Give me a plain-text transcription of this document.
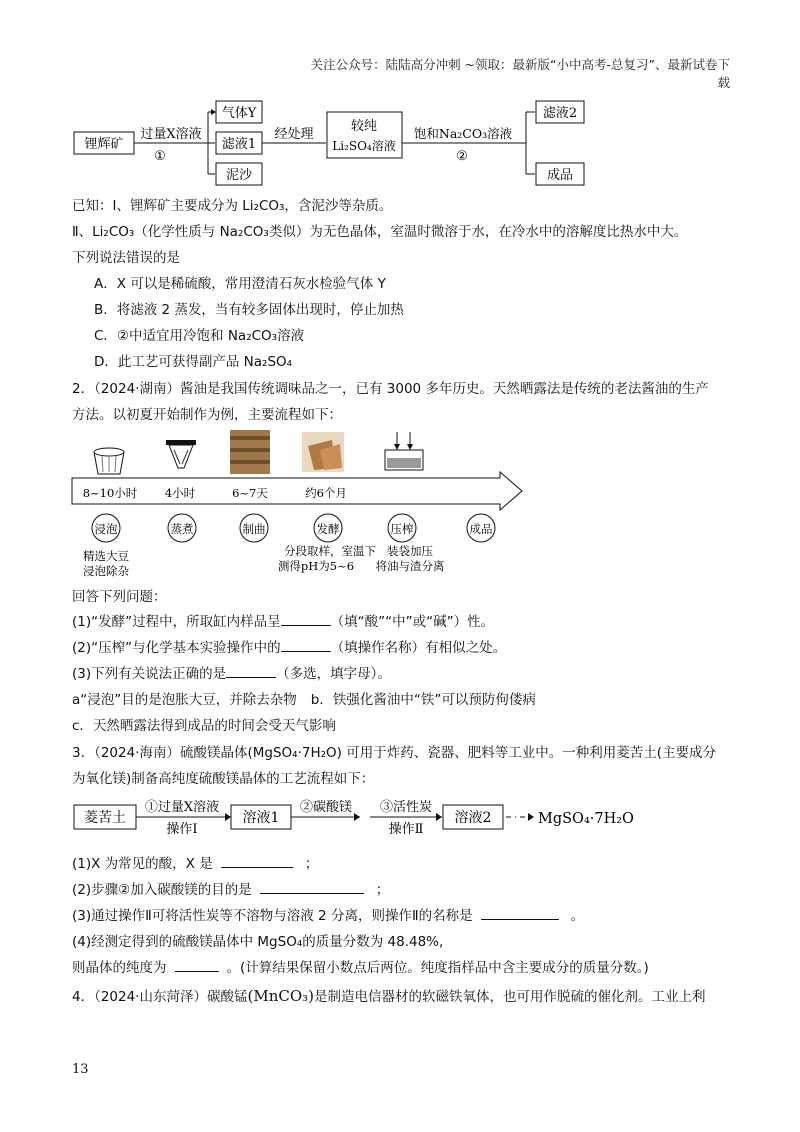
关注公众号：陆陆高分冲刺 ~领取：最新版“小中高考-总复习”、最新试卷下载
锂辉矿
过量X溶液
①
气体Y
滤液1
泥沙
经处理
较纯
Li₂SO₄溶液
饱和Na₂CO₃溶液
②
滤液2
成品
已知：Ⅰ、锂辉矿主要成分为 Li₂CO₃，含泥沙等杂质。
Ⅱ、Li₂CO₃（化学性质与 Na₂CO₃类似）为无色晶体，室温时微溶于水，在冷水中的溶解度比热水中大。
下列说法错误的是
A．X 可以是稀硫酸，常用澄清石灰水检验气体 Y
B．将滤液 2 蒸发，当有较多固体出现时，停止加热
C．②中适宜用冷饱和 Na₂CO₃溶液
D．此工艺可获得副产品 Na₂SO₄
2．（2024·湖南）酱油是我国传统调味品之一，已有 3000 多年历史。天然晒露法是传统的老法酱油的生产
方法。以初夏开始制作为例，主要流程如下：
8~10小时 4小时	6~7天	约6个月
浸泡	蒸煮	制曲	发酵	压榨	成品
精选大豆
浸泡除杂
分段取样，室温下
测得pH为5~6
装袋加压
将油与渣分离
回答下列问题：
(1)“发酵”过程中，所取缸内样品呈	（填“酸”“中”或“碱”）性。
(2)“压榨”与化学基本实验操作中的	（填操作名称）有相似之处。
(3)下列有关说法正确的是	（多选，填字母）。
a“浸泡”目的是泡胀大豆，并除去杂物 b．铁强化酱油中“铁”可以预防佝偻病
c．天然晒露法得到成品的时间会受天气影响
3．（2024·海南）硫酸镁晶体(MgSO₄·7H₂O) 可用于炸药、瓷器、肥料等工业中。一种利用菱苦土(主要成分
为氧化镁)制备高纯度硫酸镁晶体的工艺流程如下：
菱苦土
①过量X溶液
操作Ⅰ
溶液1
②碳酸镁 ③活性炭
操作Ⅱ
溶液2	MgSO₄·7H₂O
(1)X 为常见的酸，X 是	；
(2)步骤②加入碳酸镁的目的是	；
(3)通过操作Ⅱ可将活性炭等不溶物与溶液 2 分离，则操作Ⅱ的名称是	。
(4)经测定得到的硫酸镁晶体中 MgSO₄的质量分数为 48.48%,
则晶体的纯度为	。(计算结果保留小数点后两位。纯度指样品中含主要成分的质量分数。)
4．（2024·山东菏泽）碳酸锰(MnCO₃)是制造电信器材的软磁铁氧体，也可用作脱硫的催化剂。工业上利
13
